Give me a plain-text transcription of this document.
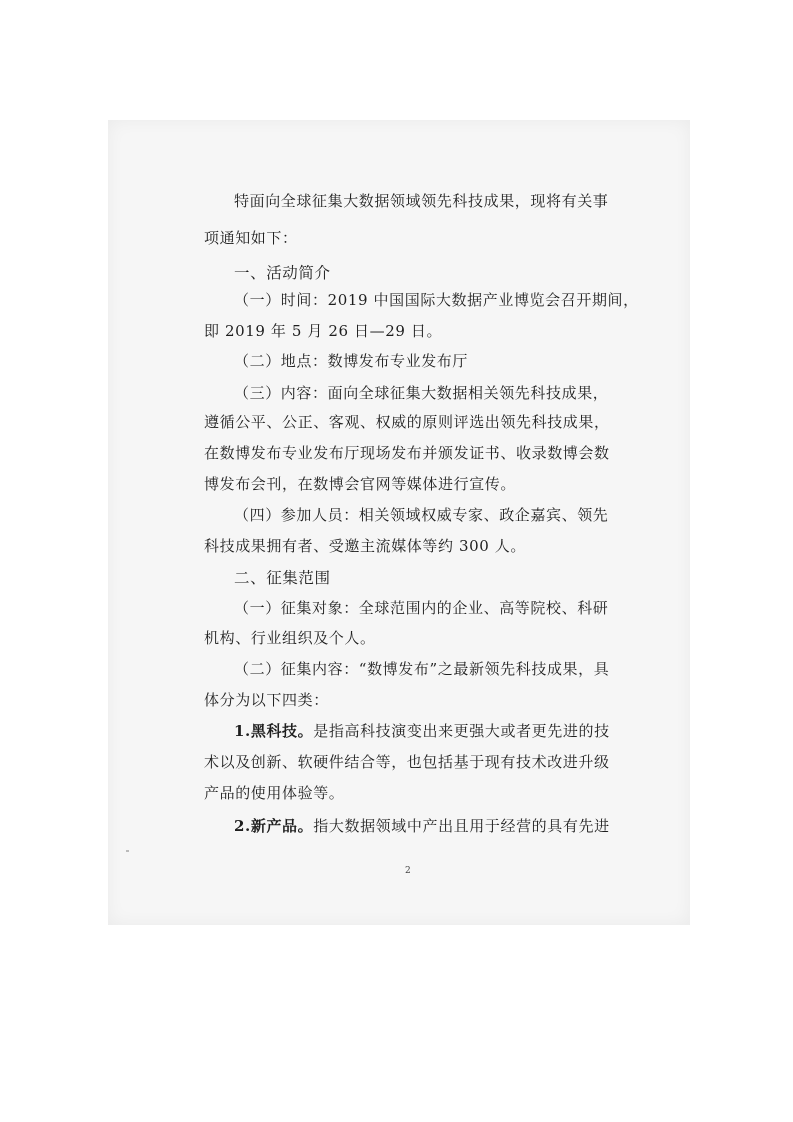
特面向全球征集大数据领域领先科技成果，现将有关事
项通知如下：
一、活动简介
（一）时间：2019 中国国际大数据产业博览会召开期间，
即 2019 年 5 月 26 日—29 日。
（二）地点：数博发布专业发布厅
（三）内容：面向全球征集大数据相关领先科技成果，
遵循公平、公正、客观、权威的原则评选出领先科技成果，
在数博发布专业发布厅现场发布并颁发证书、收录数博会数
博发布会刊，在数博会官网等媒体进行宣传。
（四）参加人员：相关领域权威专家、政企嘉宾、领先
科技成果拥有者、受邀主流媒体等约 300 人。
二、征集范围
（一）征集对象：全球范围内的企业、高等院校、科研
机构、行业组织及个人。
（二）征集内容：“数博发布”之最新领先科技成果，具
体分为以下四类：
1.黑科技。是指高科技演变出来更强大或者更先进的技
术以及创新、软硬件结合等，也包括基于现有技术改进升级
产品的使用体验等。
2.新产品。指大数据领域中产出且用于经营的具有先进
2
